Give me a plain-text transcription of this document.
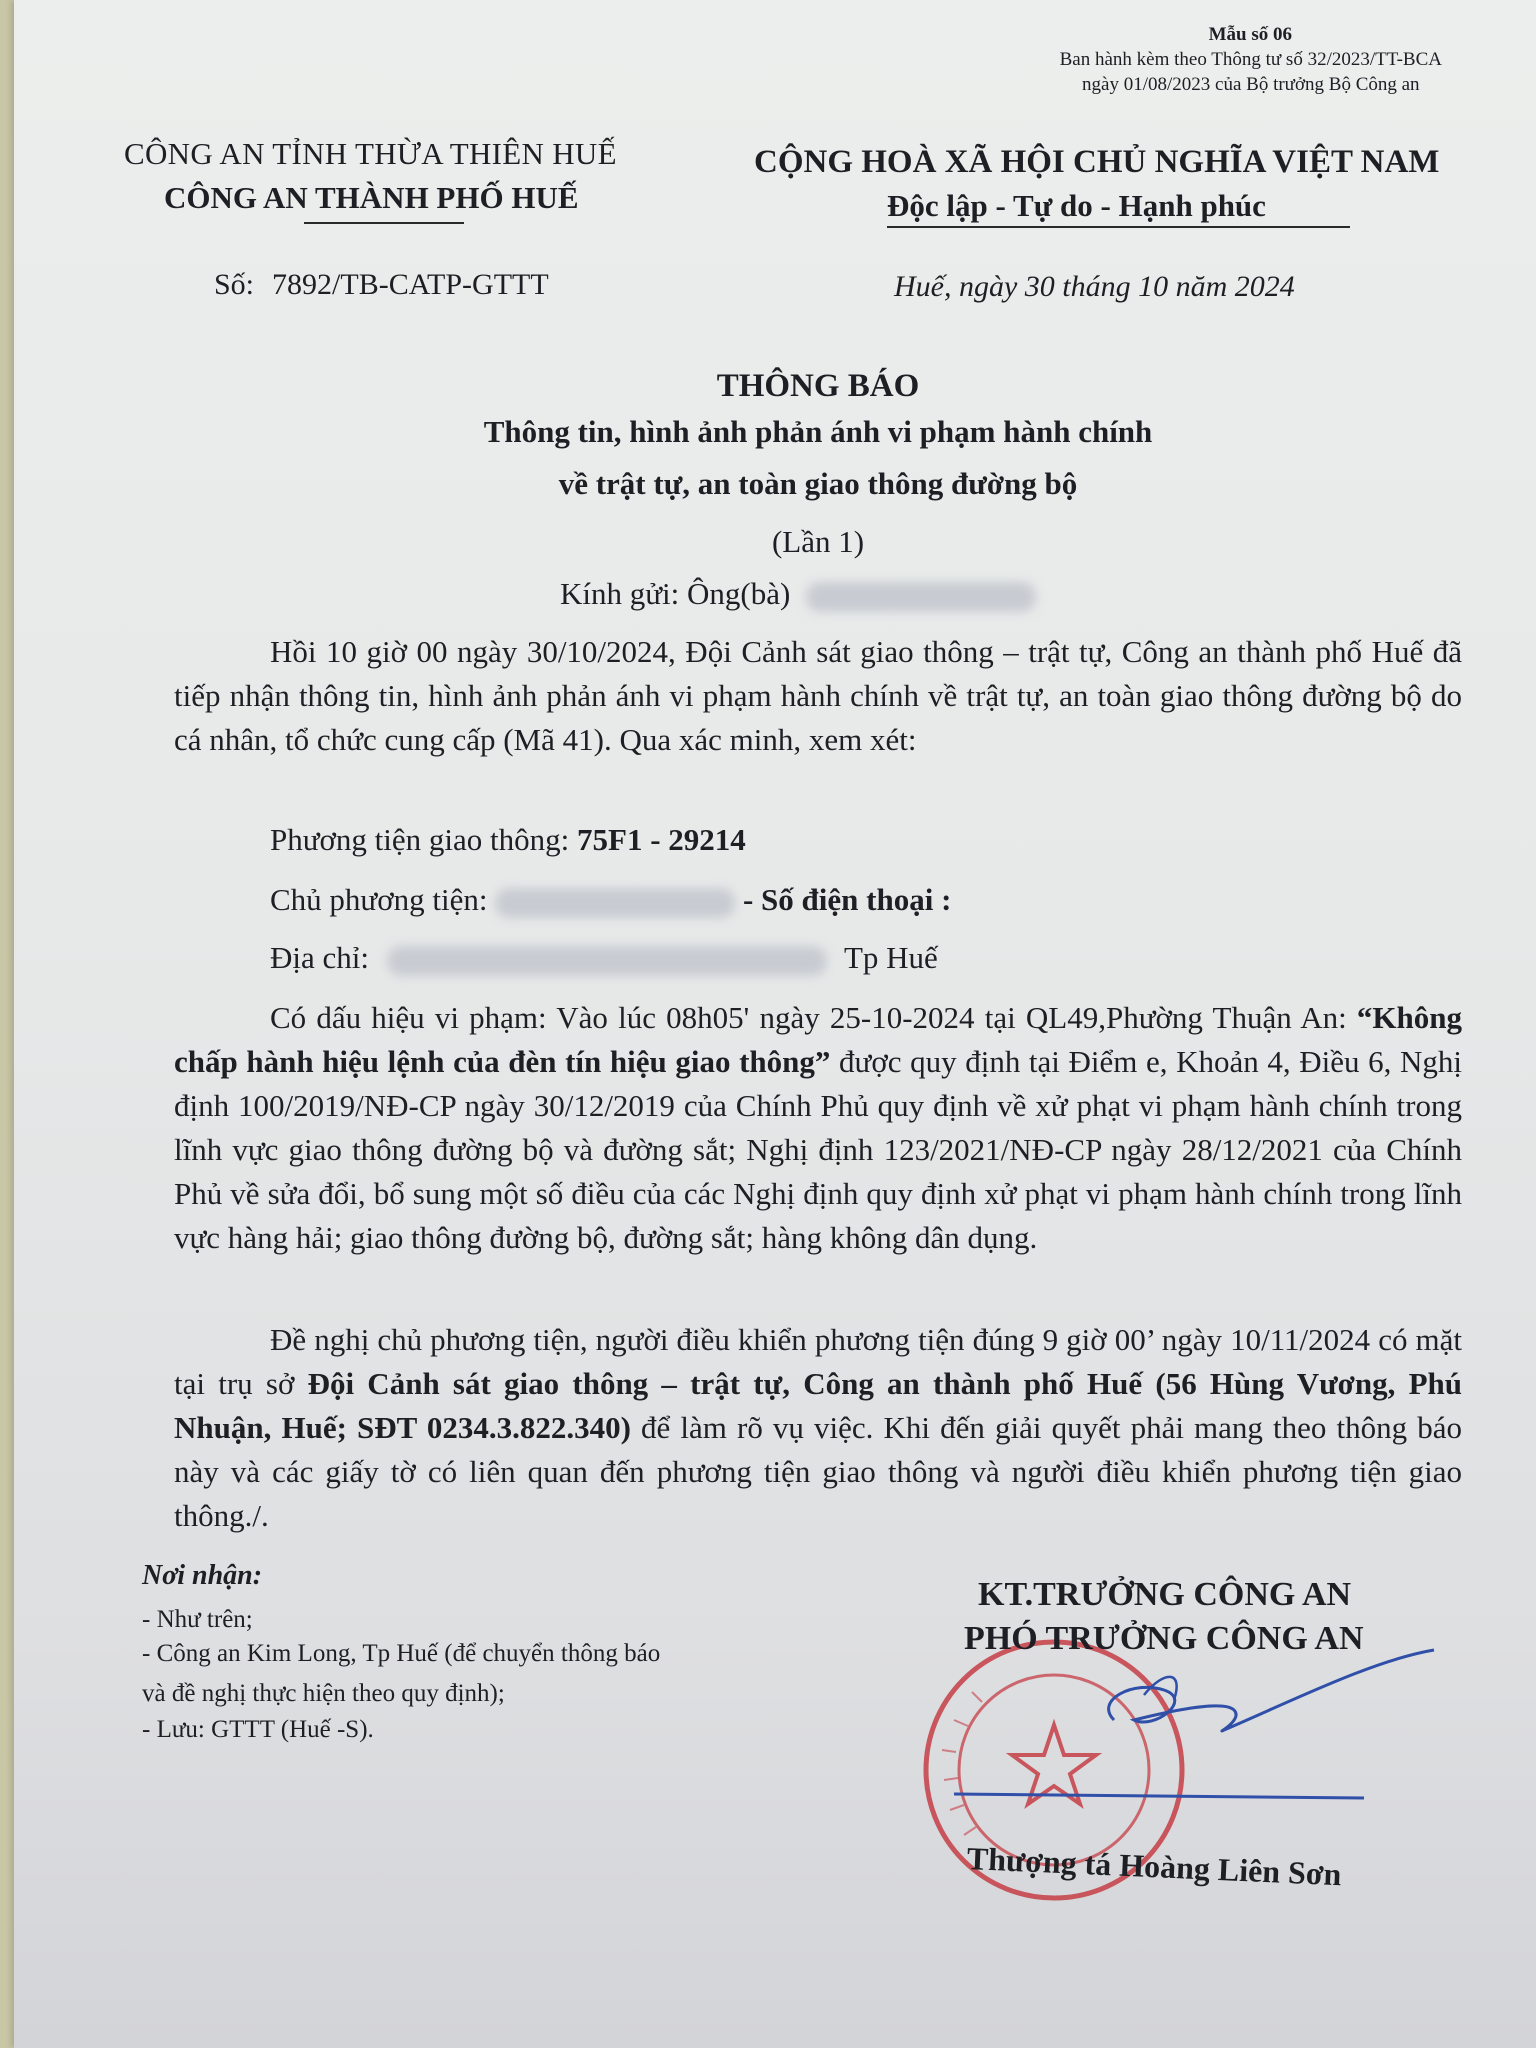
Mẫu số 06
Ban hành kèm theo Thông tư số 32/2023/TT-BCA
ngày 01/08/2023 của Bộ trưởng Bộ Công an
CÔNG AN TỈNH THỪA THIÊN HUẾ
CÔNG AN THÀNH PHỐ HUẾ
CỘNG HOÀ XÃ HỘI CHỦ NGHĨA VIỆT NAM
Độc lập - Tự do - Hạnh phúc
Số: 7892/TB-CATP-GTTT	Huế, ngày 30 tháng 10 năm 2024
THÔNG BÁO
Thông tin, hình ảnh phản ánh vi phạm hành chính
về trật tự, an toàn giao thông đường bộ
(Lần 1)
Kính gửi: Ông(bà)
Hồi 10 giờ 00 ngày 30/10/2024, Đội Cảnh sát giao thông – trật tự, Công an thành phố Huế đã tiếp nhận thông tin, hình ảnh phản ánh vi phạm hành chính về trật tự, an toàn giao thông đường bộ do cá nhân, tổ chức cung cấp (Mã 41). Qua xác minh, xem xét:
Phương tiện giao thông: 75F1 - 29214
Chủ phương tiện:	- Số điện thoại :
Địa chỉ:	Tp Huế
Có dấu hiệu vi phạm: Vào lúc 08h05' ngày 25-10-2024 tại QL49,Phường Thuận An: “Không chấp hành hiệu lệnh của đèn tín hiệu giao thông” được quy định tại Điểm e, Khoản 4, Điều 6, Nghị định 100/2019/NĐ-CP ngày 30/12/2019 của Chính Phủ quy định về xử phạt vi phạm hành chính trong lĩnh vực giao thông đường bộ và đường sắt; Nghị định 123/2021/NĐ-CP ngày 28/12/2021 của Chính Phủ về sửa đổi, bổ sung một số điều của các Nghị định quy định xử phạt vi phạm hành chính trong lĩnh vực hàng hải; giao thông đường bộ, đường sắt; hàng không dân dụng.
Đề nghị chủ phương tiện, người điều khiển phương tiện đúng 9 giờ 00’ ngày 10/11/2024 có mặt tại trụ sở Đội Cảnh sát giao thông – trật tự, Công an thành phố Huế (56 Hùng Vương, Phú Nhuận, Huế; SĐT 0234.3.822.340) để làm rõ vụ việc. Khi đến giải quyết phải mang theo thông báo này và các giấy tờ có liên quan đến phương tiện giao thông và người điều khiển phương tiện giao thông./.
Nơi nhận:
- Như trên;
- Công an Kim Long, Tp Huế (để chuyển thông báo
và đề nghị thực hiện theo quy định);
- Lưu: GTTT (Huế -S).
KT.TRƯỞNG CÔNG AN
PHÓ TRƯỞNG CÔNG AN
Thượng tá Hoàng Liên Sơn
